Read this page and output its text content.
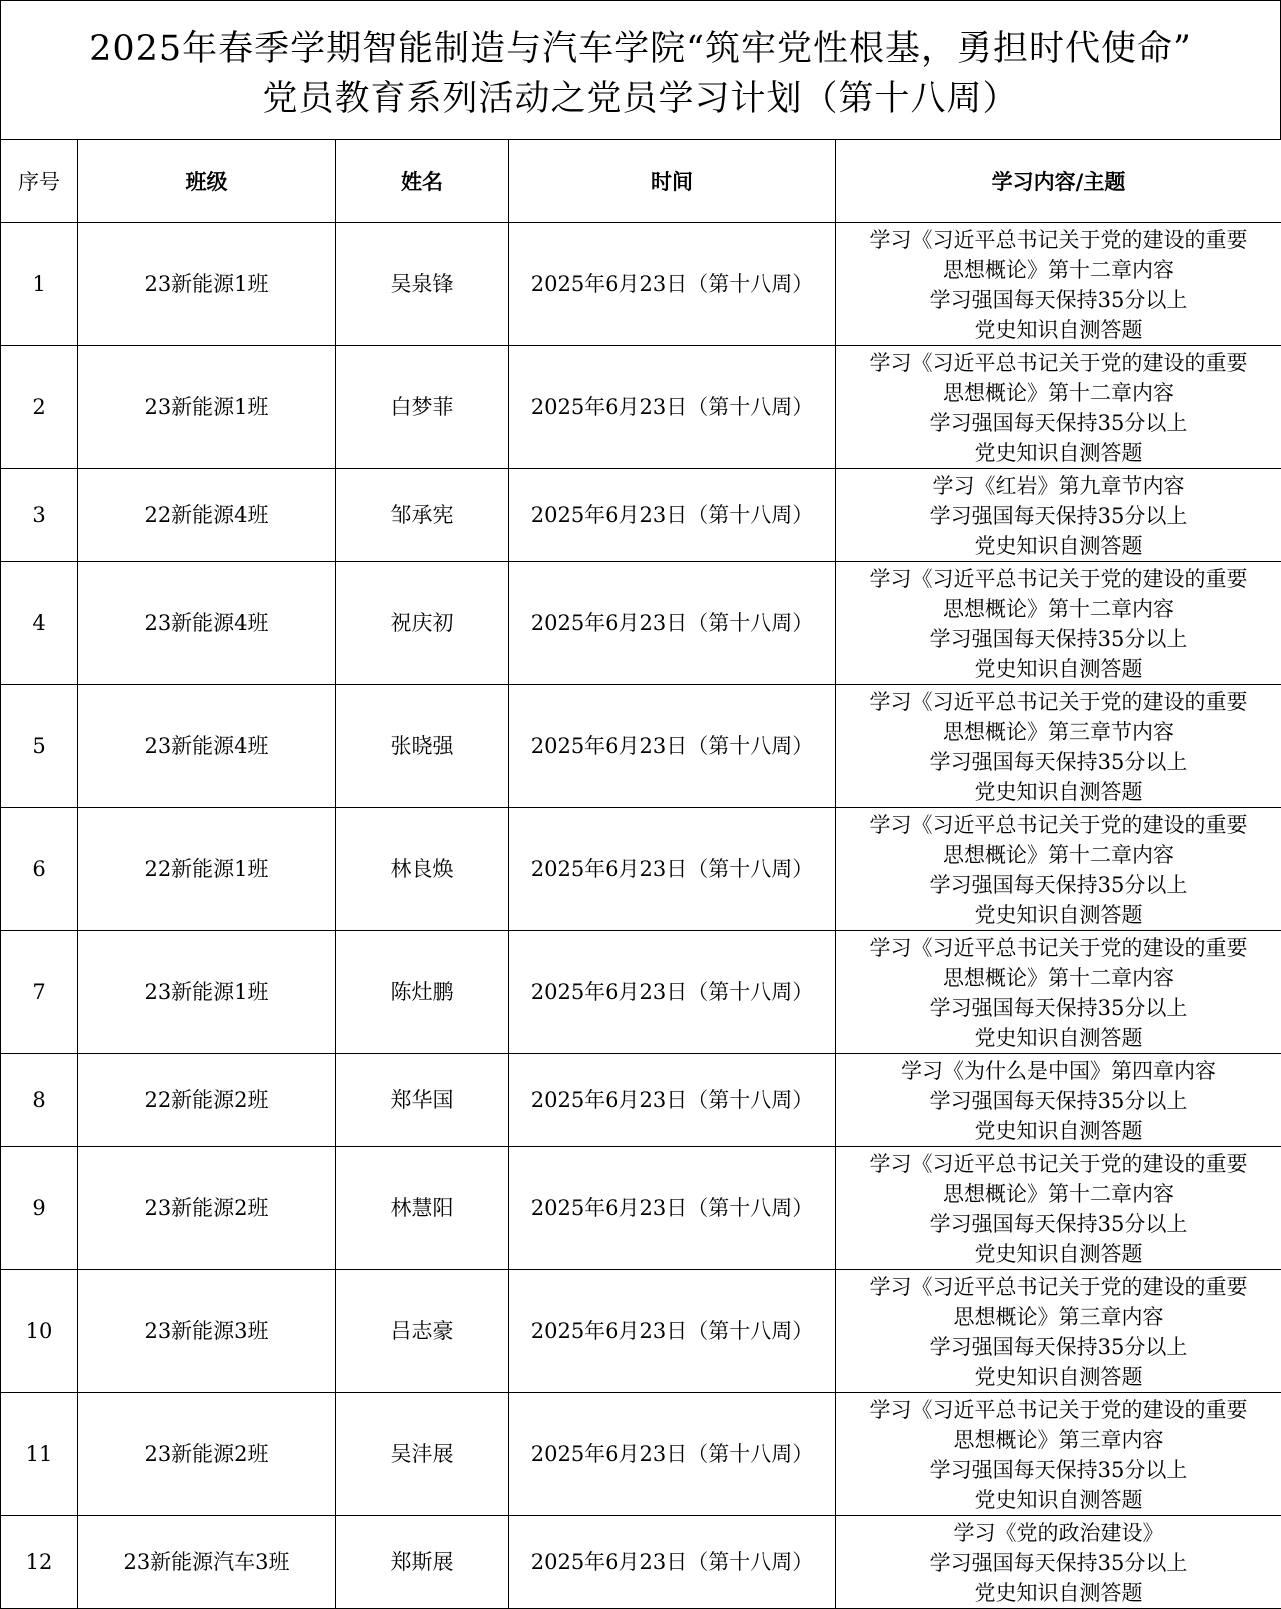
2025年春季学期智能制造与汽车学院“筑牢党性根基，勇担时代使命”
党员教育系列活动之党员学习计划（第十八周）
序号	班级	姓名	时间	学习内容/主题
1	23新能源1班	吴泉锋	2025年6月23日（第十八周）	学习《习近平总书记关于党的建设的重要
思想概论》第十二章内容
学习强国每天保持35分以上
党史知识自测答题

2	23新能源1班	白梦菲	2025年6月23日（第十八周）	学习《习近平总书记关于党的建设的重要
思想概论》第十二章内容
学习强国每天保持35分以上
党史知识自测答题

3	22新能源4班	邹承宪	2025年6月23日（第十八周）	学习《红岩》第九章节内容
学习强国每天保持35分以上
党史知识自测答题

4	23新能源4班	祝庆初	2025年6月23日（第十八周）	学习《习近平总书记关于党的建设的重要
思想概论》第十二章内容
学习强国每天保持35分以上
党史知识自测答题

5	23新能源4班	张晓强	2025年6月23日（第十八周）	学习《习近平总书记关于党的建设的重要
思想概论》第三章节内容
学习强国每天保持35分以上
党史知识自测答题

6	22新能源1班	林良焕	2025年6月23日（第十八周）	学习《习近平总书记关于党的建设的重要
思想概论》第十二章内容
学习强国每天保持35分以上
党史知识自测答题

7	23新能源1班	陈灶鹏	2025年6月23日（第十八周）	学习《习近平总书记关于党的建设的重要
思想概论》第十二章内容
学习强国每天保持35分以上
党史知识自测答题

8	22新能源2班	郑华国	2025年6月23日（第十八周）	学习《为什么是中国》第四章内容
学习强国每天保持35分以上
党史知识自测答题

9	23新能源2班	林慧阳	2025年6月23日（第十八周）	学习《习近平总书记关于党的建设的重要
思想概论》第十二章内容
学习强国每天保持35分以上
党史知识自测答题

10	23新能源3班	吕志豪	2025年6月23日（第十八周）	学习《习近平总书记关于党的建设的重要
思想概论》第三章内容
学习强国每天保持35分以上
党史知识自测答题

11	23新能源2班	吴沣展	2025年6月23日（第十八周）	学习《习近平总书记关于党的建设的重要
思想概论》第三章内容
学习强国每天保持35分以上
党史知识自测答题

12	23新能源汽车3班	郑斯展	2025年6月23日（第十八周）	学习《党的政治建设》
学习强国每天保持35分以上
党史知识自测答题
